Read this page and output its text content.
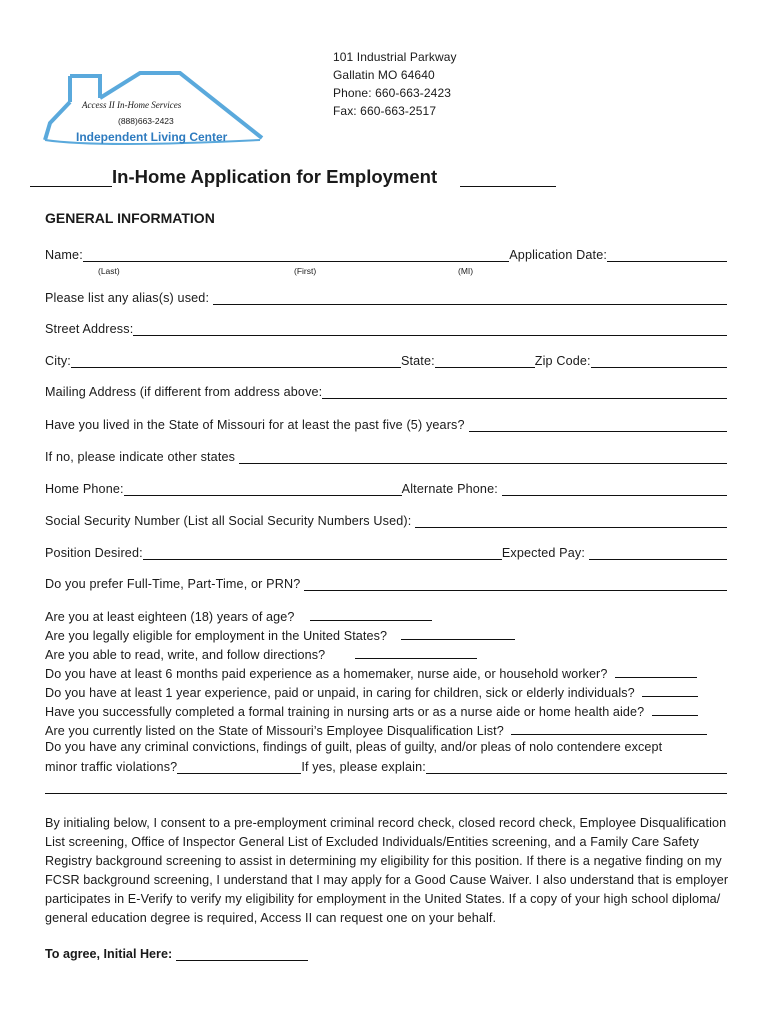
Access II In-Home Services
(888)663-2423
Independent Living Center
101 Industrial Parkway
Gallatin MO 64640
Phone: 660-663-2423
Fax: 660-663-2517
In-Home Application for Employment
GENERAL INFORMATION
Name:	Application Date:
(Last)	(First)	(MI)
Please list any alias(s) used:
Street Address:
City:	State:	Zip Code:
Mailing Address (if different from address above:
Have you lived in the State of Missouri for at least the past five (5) years?
If no, please indicate other states
Home Phone:	Alternate Phone:
Social Security Number (List all Social Security Numbers Used):
Position Desired:	Expected Pay:
Do you prefer Full-Time, Part-Time, or PRN?
Are you at least eighteen (18) years of age?
Are you legally eligible for employment in the United States?
Are you able to read, write, and follow directions?
Do you have at least 6 months paid experience as a homemaker, nurse aide, or household worker?
Do you have at least 1 year experience, paid or unpaid, in caring for children, sick or elderly individuals?
Have you successfully completed a formal training in nursing arts or as a nurse aide or home health aide?
Are you currently listed on the State of Missouri’s Employee Disqualification List?
Do you have any criminal convictions, findings of guilt, pleas of guilty, and/or pleas of nolo contendere except
minor traffic violations?	If yes, please explain:
By initialing below, I consent to a pre-employment criminal record check, closed record check, Employee Disqualification List screening, Office of Inspector General List of Excluded Individuals/Entities screening, and a Family Care Safety Registry background screening to assist in determining my eligibility for this position. If there is a negative finding on my FCSR background screening, I understand that I may apply for a Good Cause Waiver. I also understand that is employer participates in E-Verify to verify my eligibility for employment in the United States. If a copy of your high school diploma/ general education degree is required, Access II can request one on your behalf.
To agree, Initial Here:
